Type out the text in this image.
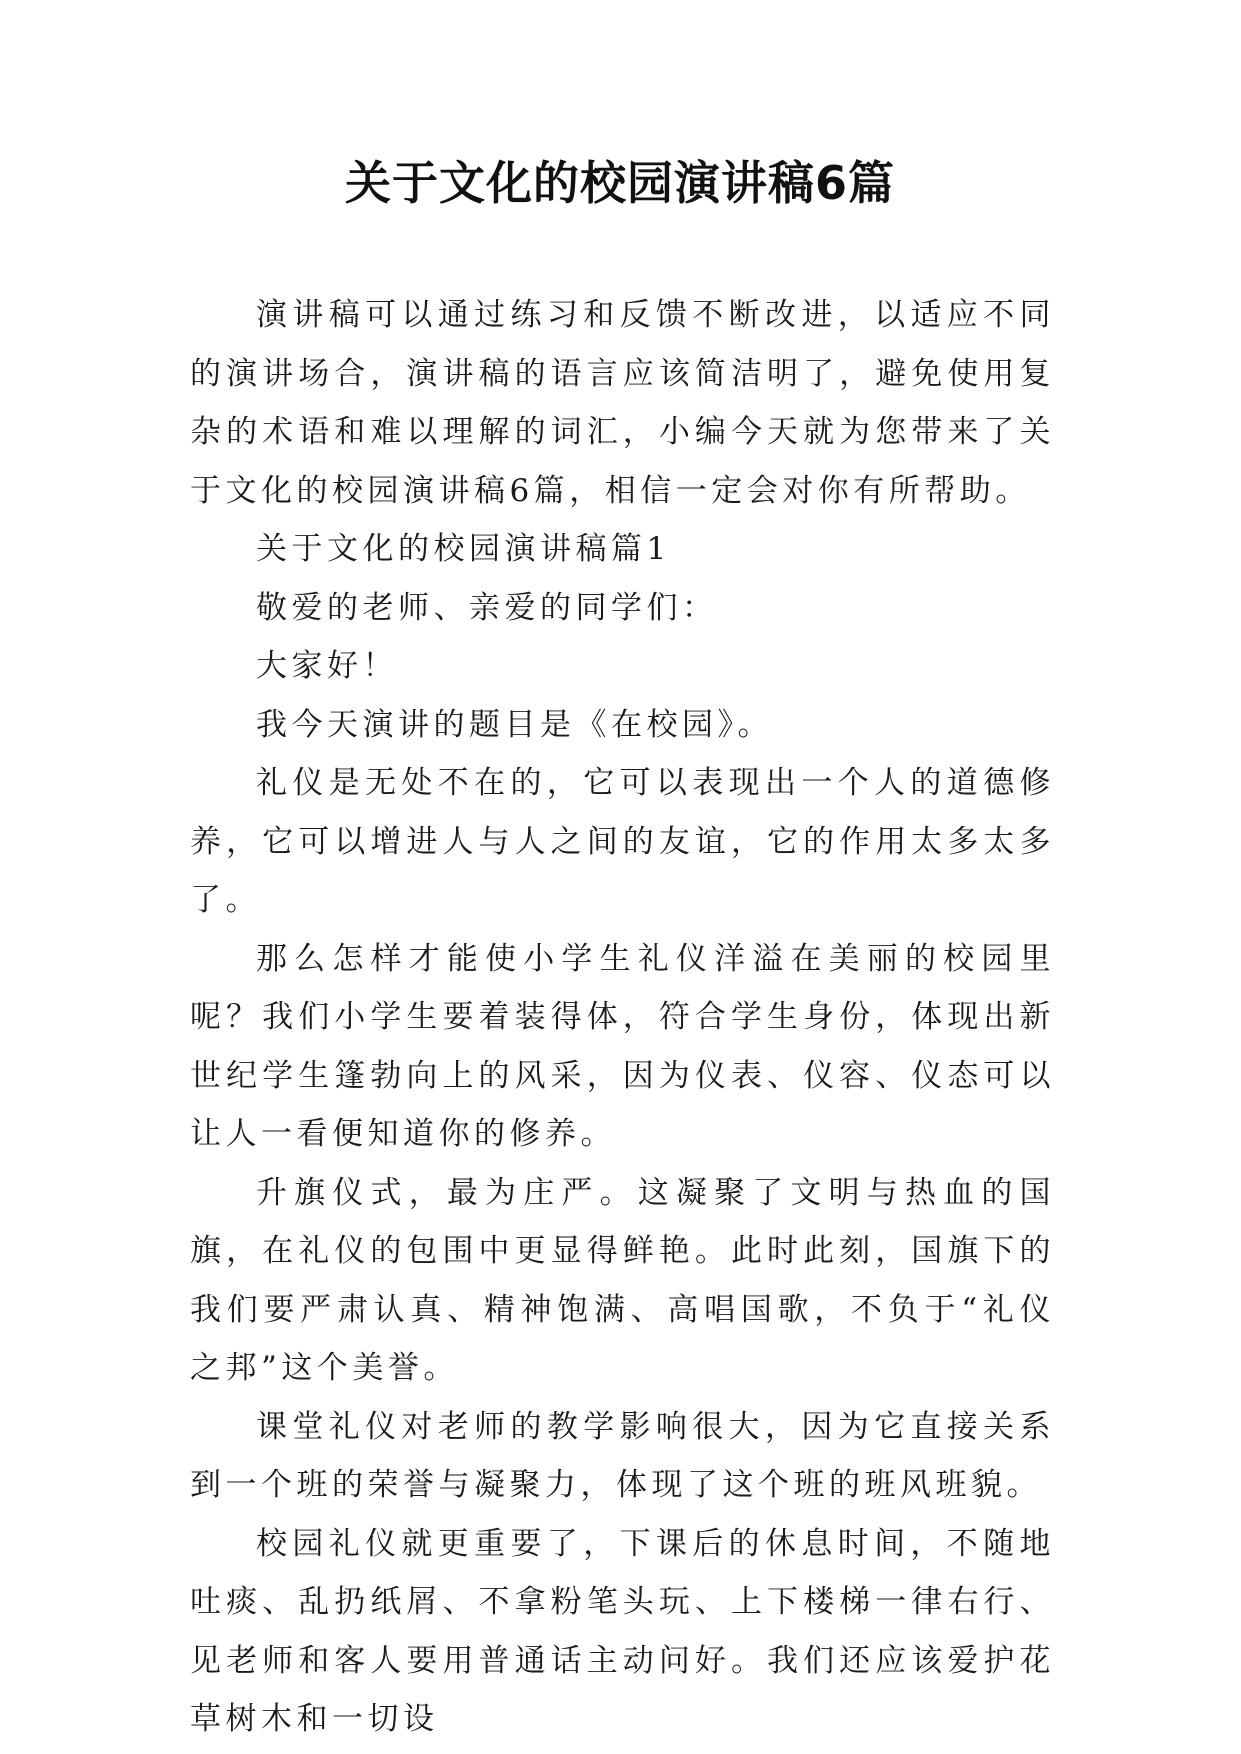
关于文化的校园演讲稿6篇

演讲稿可以通过练习和反馈不断改进，以适应不同的演讲场合，演讲稿的语言应该简洁明了，避免使用复杂的术语和难以理解的词汇，小编今天就为您带来了关于文化的校园演讲稿6篇，相信一定会对你有所帮助。

关于文化的校园演讲稿篇1

敬爱的老师、亲爱的同学们：

大家好！

我今天演讲的题目是《在校园》。

礼仪是无处不在的，它可以表现出一个人的道德修养，它可以增进人与人之间的友谊，它的作用太多太多了。

那么怎样才能使小学生礼仪洋溢在美丽的校园里呢？我们小学生要着装得体，符合学生身份，体现出新世纪学生篷勃向上的风采，因为仪表、仪容、仪态可以让人一看便知道你的修养。

升旗仪式，最为庄严。这凝聚了文明与热血的国旗，在礼仪的包围中更显得鲜艳。此时此刻，国旗下的我们要严肃认真、精神饱满、高唱国歌，不负于“礼仪之邦”这个美誉。

课堂礼仪对老师的教学影响很大，因为它直接关系到一个班的荣誉与凝聚力，体现了这个班的班风班貌。

校园礼仪就更重要了，下课后的休息时间，不随地吐痰、乱扔纸屑、不拿粉笔头玩、上下楼梯一律右行、见老师和客人要用普通话主动问好。我们还应该爱护花草树木和一切设
